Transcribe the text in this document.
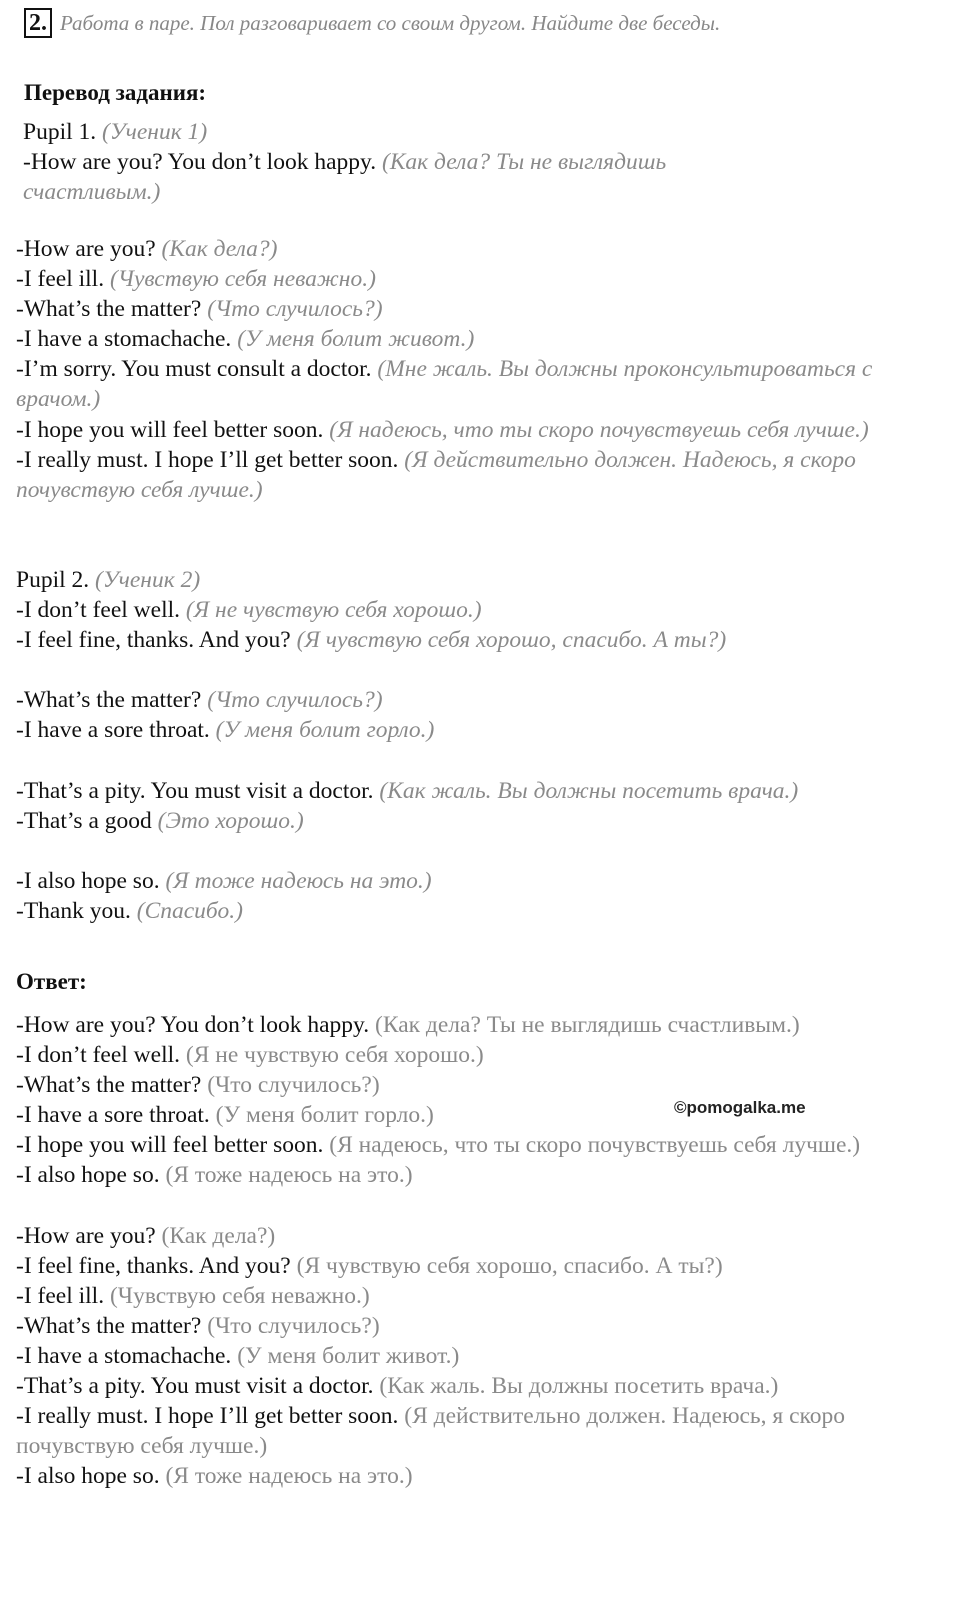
2. Работа в паре. Пол разговаривает со своим другом. Найдите две беседы.
Перевод задания:
Pupil 1. (Ученик 1)
-How are you? You don’t look happy. (Как дела? Ты не выглядишь счастливым.)
-How are you? (Как дела?)
-I feel ill. (Чувствую себя неважно.)
-What’s the matter? (Что случилось?)
-I have a stomachache. (У меня болит живот.)
-I’m sorry. You must consult a doctor. (Мне жаль. Вы должны проконсультироваться с врачом.)
-I hope you will feel better soon. (Я надеюсь, что ты скоро почувствуешь себя лучше.)
-I really must. I hope I’ll get better soon. (Я действительно должен. Надеюсь, я скоро почувствую себя лучше.)
Pupil 2. (Ученик 2)
-I don’t feel well. (Я не чувствую себя хорошо.)
-I feel fine, thanks. And you? (Я чувствую себя хорошо, спасибо. А ты?)
-What’s the matter? (Что случилось?)
-I have a sore throat. (У меня болит горло.)
-That’s a pity. You must visit a doctor. (Как жаль. Вы должны посетить врача.)
-That’s a good (Это хорошо.)
-I also hope so. (Я тоже надеюсь на это.)
-Thank you. (Спасибо.)
Ответ:
-How are you? You don’t look happy. (Как дела? Ты не выглядишь счастливым.)
-I don’t feel well. (Я не чувствую себя хорошо.)
-What’s the matter? (Что случилось?)
-I have a sore throat. (У меня болит горло.)
-I hope you will feel better soon. (Я надеюсь, что ты скоро почувствуешь себя лучше.)
-I also hope so. (Я тоже надеюсь на это.)
-How are you? (Как дела?)
-I feel fine, thanks. And you? (Я чувствую себя хорошо, спасибо. А ты?)
-I feel ill. (Чувствую себя неважно.)
-What’s the matter? (Что случилось?)
-I have a stomachache. (У меня болит живот.)
-That’s a pity. You must visit a doctor. (Как жаль. Вы должны посетить врача.)
-I really must. I hope I’ll get better soon. (Я действительно должен. Надеюсь, я скоро почувствую себя лучше.)
-I also hope so. (Я тоже надеюсь на это.)
©pomogalka.me
